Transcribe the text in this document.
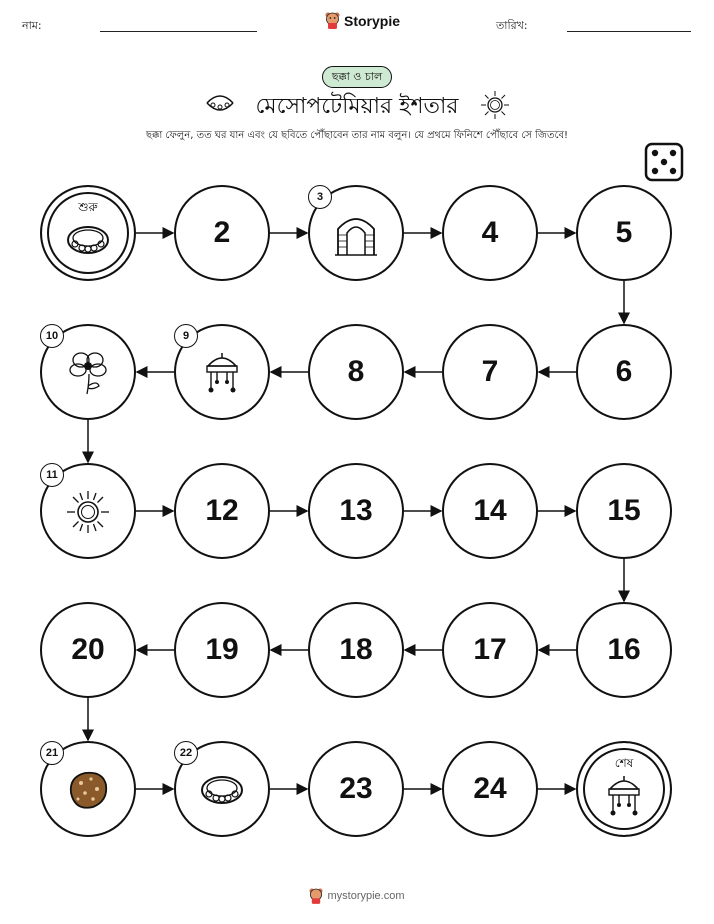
নাম:	Storypie	তারিখ:
ছক্কা ও চাল
মেসোপটেমিয়ার ইশতার
ছক্কা ফেলুন, তত ঘর যান এবং যে ছবিতে পৌঁছাবেন তার নাম বলুন। যে প্রথমে ফিনিশে পৌঁছাবে সে জিতবে!
শুরু
2
3
4	5
6
7
8
9
10
11
12	13	14	15
16
17
18
19
20
21	22
23	24
শেষ
mystorypie.com
